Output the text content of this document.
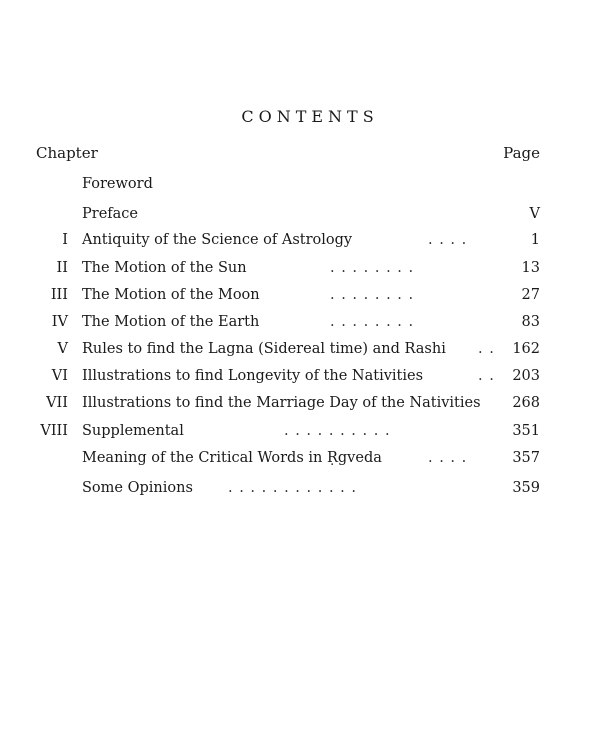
CONTENTS
Chapter	Page
Foreword
Preface	V
I Antiquity of the Science of Astrology	. . . .	1
II The Motion of the Sun	. . . . . . . .	13
III The Motion of the Moon	. . . . . . . .	27
IV The Motion of the Earth	. . . . . . . .	83
V Rules to find the Lagna (Sidereal time) and Rashi . . 162
VI Illustrations to find Longevity of the Nativities	. . 203
VII Illustrations to find the Marriage Day of the Nativities 268
VIII Supplemental	. . . . . . . . . .	351
Meaning of the Critical Words in Ṛgveda	. . . .	357
Some Opinions . . . . . . . . . . . .	359
